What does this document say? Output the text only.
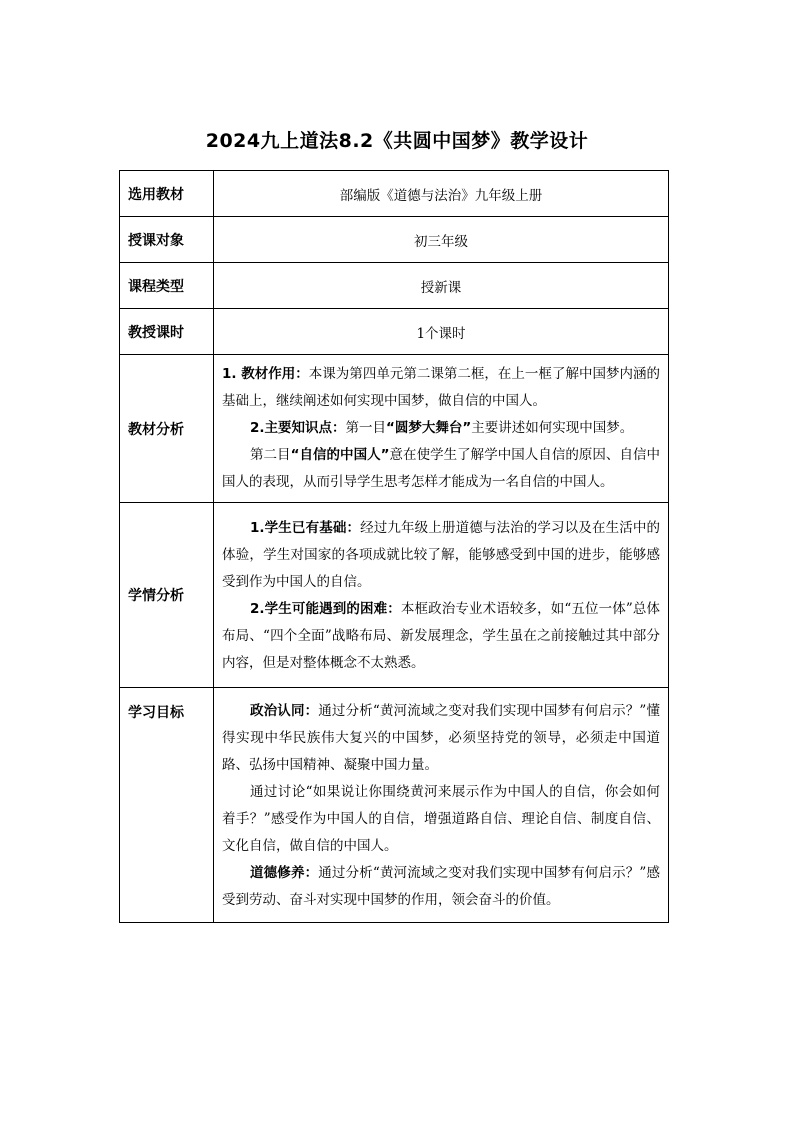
2024九上道法8.2《共圆中国梦》教学设计
选用教材	部编版《道德与法治》九年级上册
授课对象	初三年级
课程类型	授新课
教授课时	1个课时
教材分析	1. 教材作用：本课为第四单元第二课第二框，在上一框了解中国梦内涵的基础上，继续阐述如何实现中国梦，做自信的中国人。

2.主要知识点：第一目“圆梦大舞台”主要讲述如何实现中国梦。

第二目“自信的中国人”意在使学生了解学中国人自信的原因、自信中国人的表现，从而引导学生思考怎样才能成为一名自信的中国人。

学情分析	1.学生已有基础：经过九年级上册道德与法治的学习以及在生活中的体验，学生对国家的各项成就比较了解，能够感受到中国的进步，能够感受到作为中国人的自信。

2.学生可能遇到的困难：本框政治专业术语较多，如“五位一体”总体布局、“四个全面”战略布局、新发展理念，学生虽在之前接触过其中部分内容，但是对整体概念不太熟悉。

学习目标	政治认同：通过分析“黄河流域之变对我们实现中国梦有何启示？”懂得实现中华民族伟大复兴的中国梦，必须坚持党的领导，必须走中国道路、弘扬中国精神、凝聚中国力量。

通过讨论“如果说让你围绕黄河来展示作为中国人的自信，你会如何着手？”感受作为中国人的自信，增强道路自信、理论自信、制度自信、文化自信，做自信的中国人。

道德修养：通过分析“黄河流域之变对我们实现中国梦有何启示？”感受到劳动、奋斗对实现中国梦的作用，领会奋斗的价值。
